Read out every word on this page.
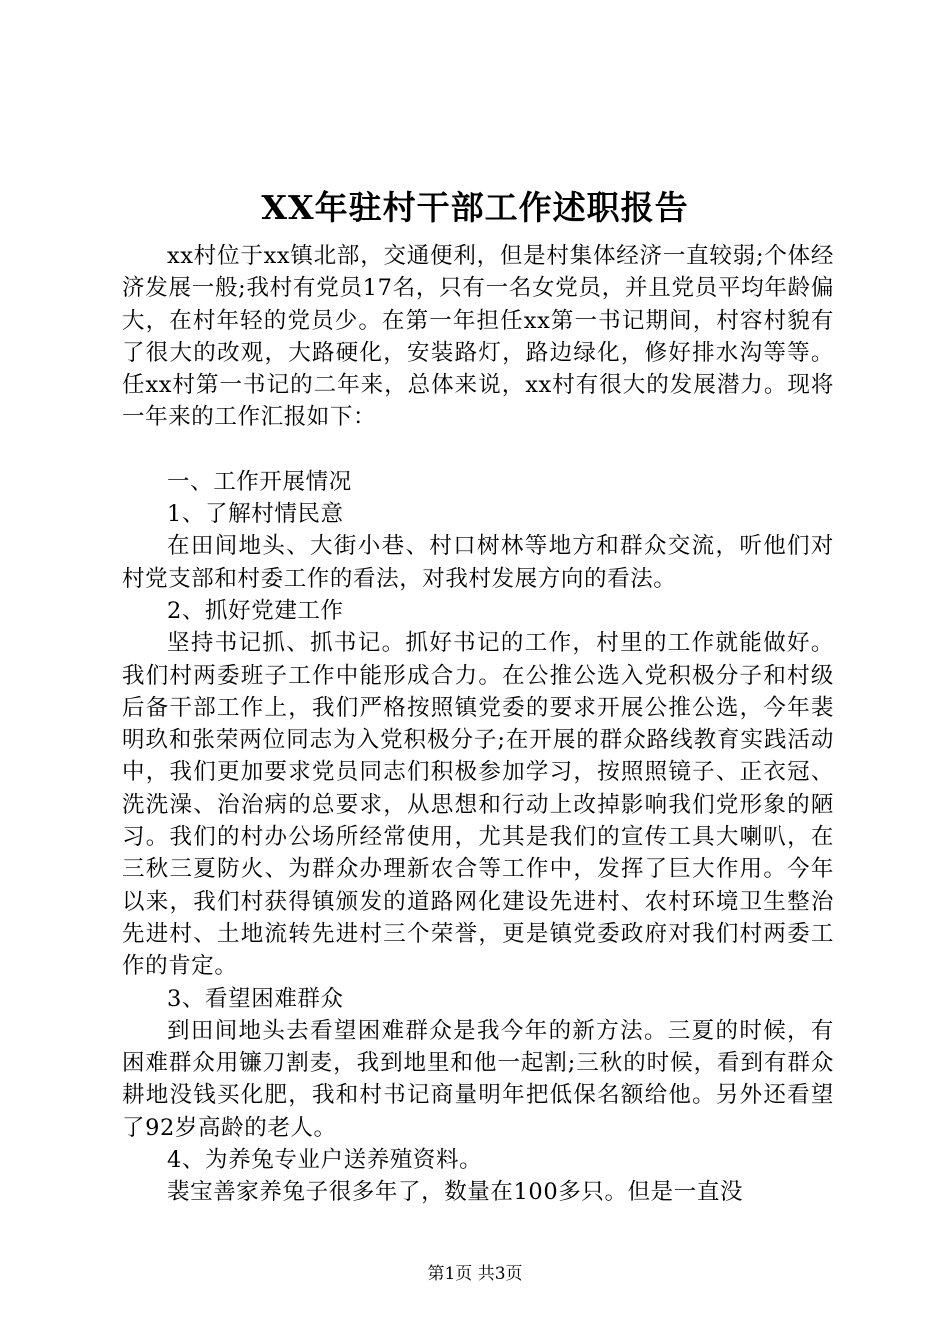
XX年驻村干部工作述职报告

xx村位于xx镇北部，交通便利，但是村集体经济一直较弱;个体经济发展一般;我村有党员17名，只有一名女党员，并且党员平均年龄偏大，在村年轻的党员少。在第一年担任xx第一书记期间，村容村貌有了很大的改观，大路硬化，安装路灯，路边绿化，修好排水沟等等。任xx村第一书记的二年来，总体来说，xx村有很大的发展潜力。现将一年来的工作汇报如下：

一、工作开展情况

1、了解村情民意

在田间地头、大街小巷、村口树林等地方和群众交流，听他们对村党支部和村委工作的看法，对我村发展方向的看法。

2、抓好党建工作

坚持书记抓、抓书记。抓好书记的工作，村里的工作就能做好。我们村两委班子工作中能形成合力。在公推公选入党积极分子和村级后备干部工作上，我们严格按照镇党委的要求开展公推公选，今年裴明玖和张荣两位同志为入党积极分子;在开展的群众路线教育实践活动中，我们更加要求党员同志们积极参加学习，按照照镜子、正衣冠、洗洗澡、治治病的总要求，从思想和行动上改掉影响我们党形象的陋习。我们的村办公场所经常使用，尤其是我们的宣传工具大喇叭，在三秋三夏防火、为群众办理新农合等工作中，发挥了巨大作用。今年以来，我们村获得镇颁发的道路网化建设先进村、农村环境卫生整治先进村、土地流转先进村三个荣誉，更是镇党委政府对我们村两委工作的肯定。

3、看望困难群众

到田间地头去看望困难群众是我今年的新方法。三夏的时候，有困难群众用镰刀割麦，我到地里和他一起割;三秋的时候，看到有群众耕地没钱买化肥，我和村书记商量明年把低保名额给他。另外还看望了92岁高龄的老人。

4、为养兔专业户送养殖资料。

裴宝善家养兔子很多年了，数量在100多只。但是一直没

第1页 共3页
